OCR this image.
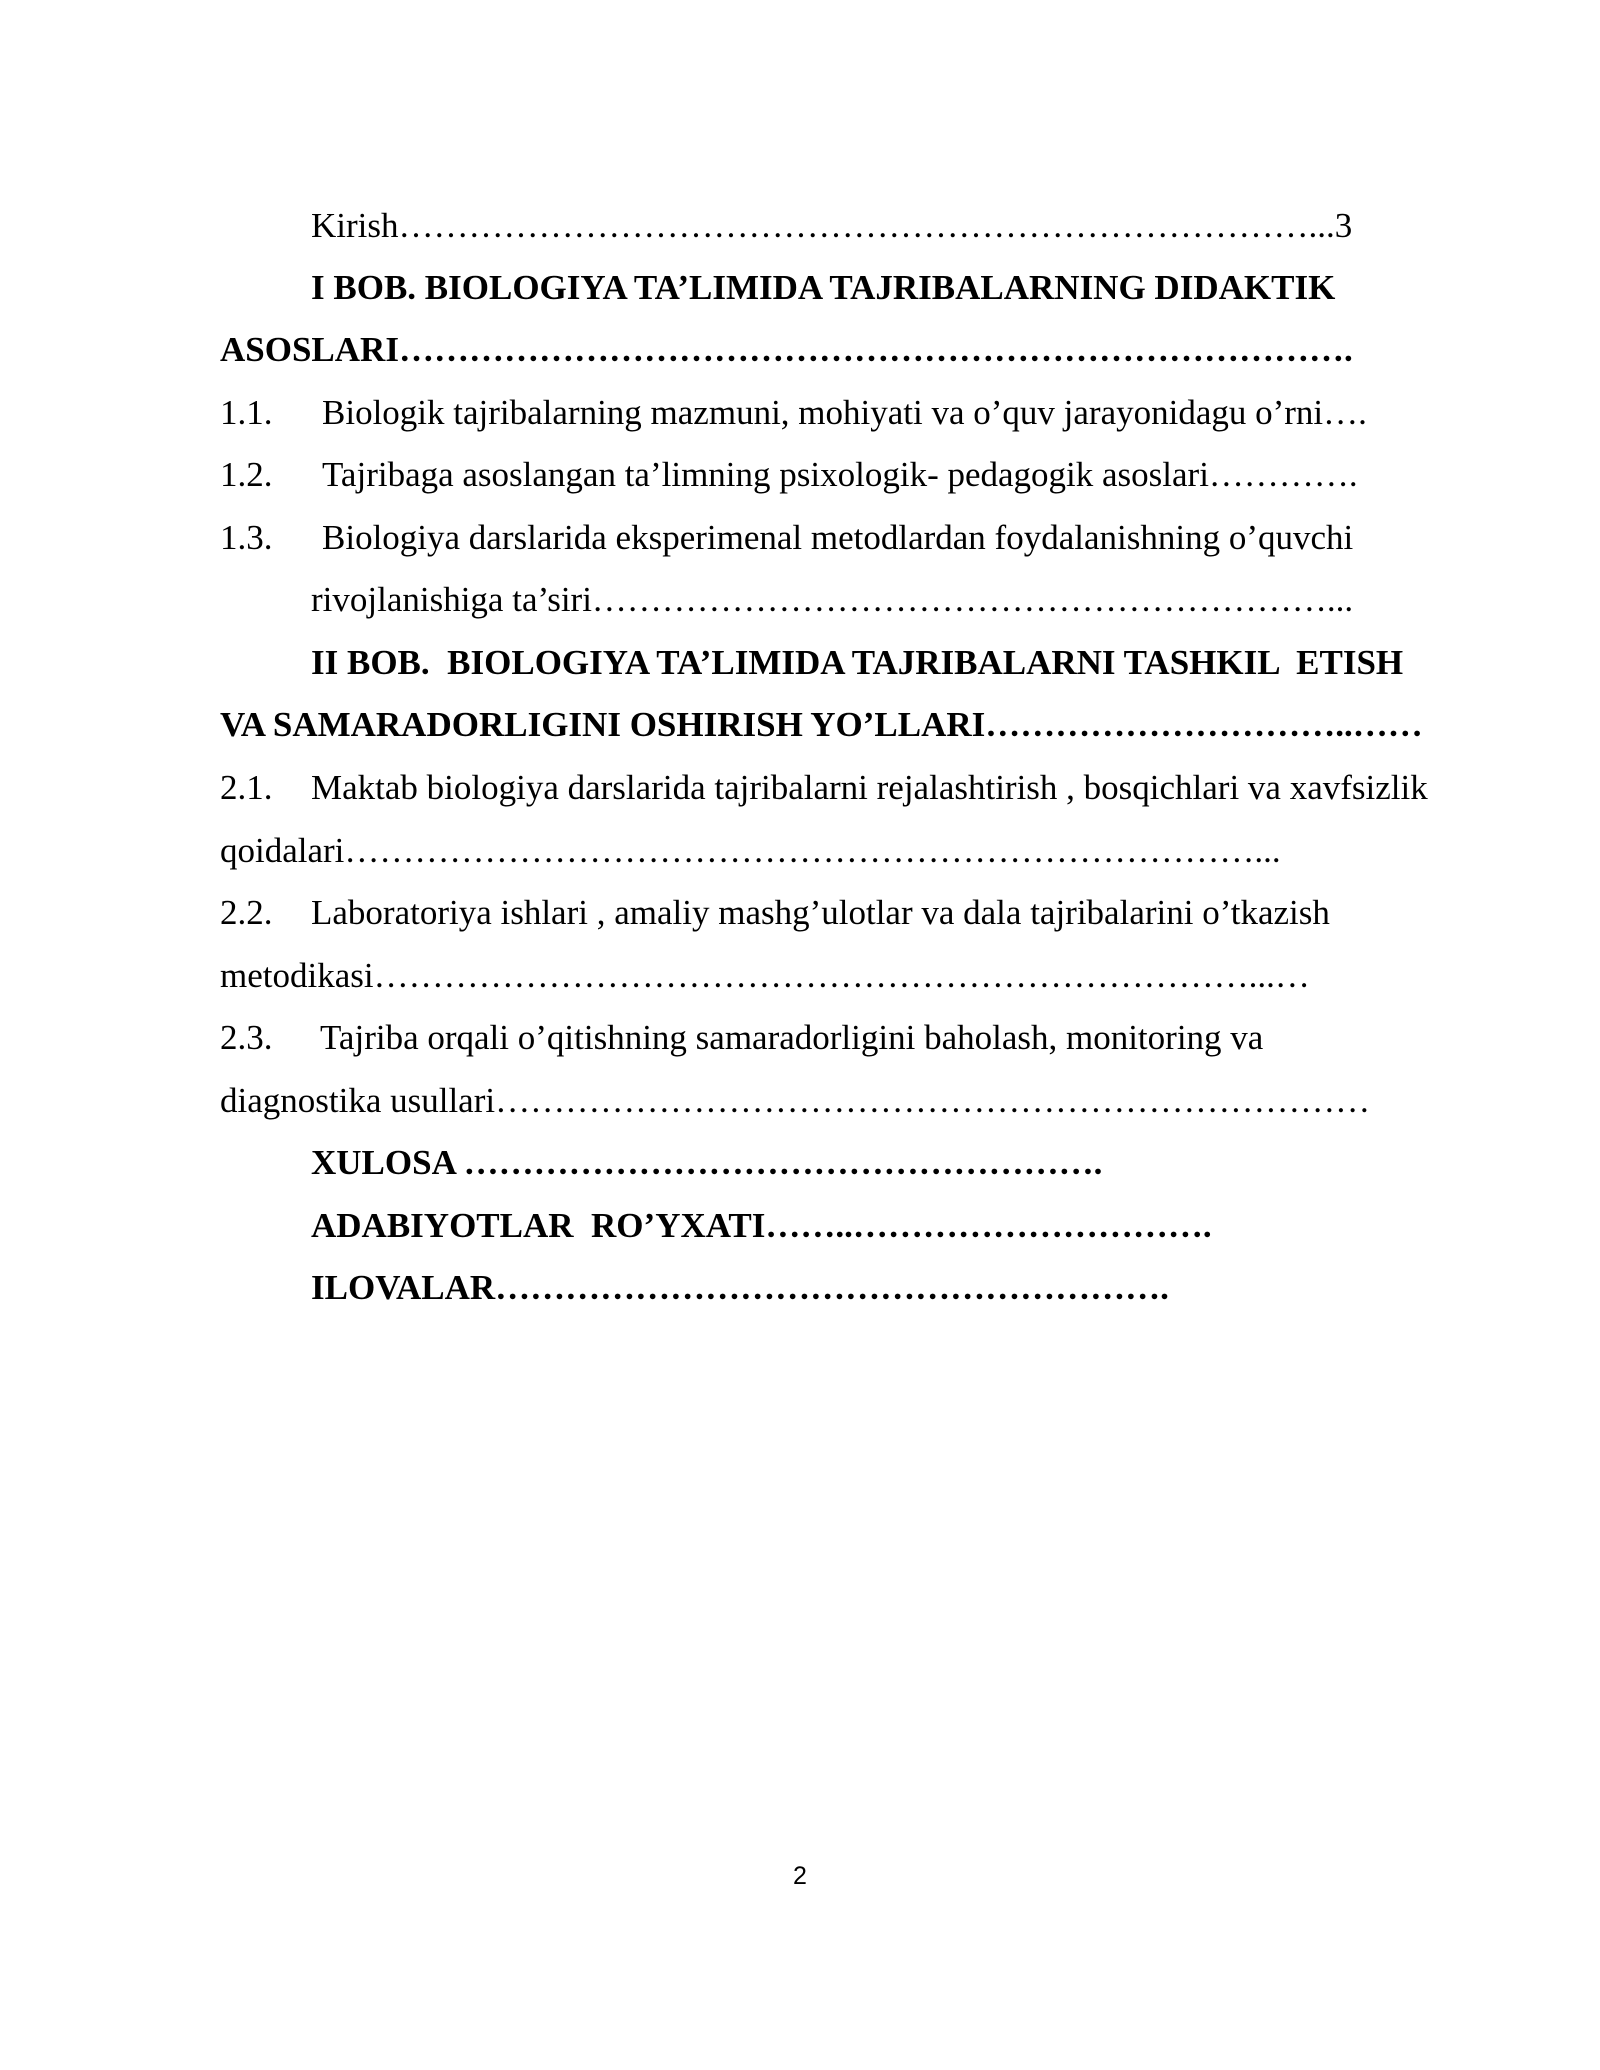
Kirish……………………………………………………………………...3
I BOB. BIOLOGIYA TA’LIMIDA TAJRIBALARNING DIDAKTIK
ASOSLARI……………………………………………………………………….
1.1. Biologik tajribalarning mazmuni, mohiyati va o’quv jarayonidagu o’rni….
1.2. Tajribaga asoslangan ta’limning psixologik- pedagogik asoslari………….
1.3. Biologiya darslarida eksperimenal metodlardan foydalanishning o’quvchi
rivojlanishiga ta’siri………………………………………………………...
II BOB.  BIOLOGIYA TA’LIMIDA TAJRIBALARNI TASHKIL  ETISH
VA SAMARADORLIGINI OSHIRISH YO’LLARI…………………………..……
2.1. Maktab biologiya darslarida tajribalarni rejalashtirish , bosqichlari va xavfsizlik
qoidalari……………………………………………………………………...
2.2. Laboratoriya ishlari , amaliy mashg’ulotlar va dala tajribalarini o’tkazish
metodikasi…………………………………………………………………...…
2.3. Tajriba orqali o’qitishning samaradorligini baholash, monitoring va
diagnostika usullari…………………………………………………………………
XULOSA ……………………………………………….
ADABIYOTLAR  RO’YXATI……..………………………….
ILOVALAR………………………………………………….
2
